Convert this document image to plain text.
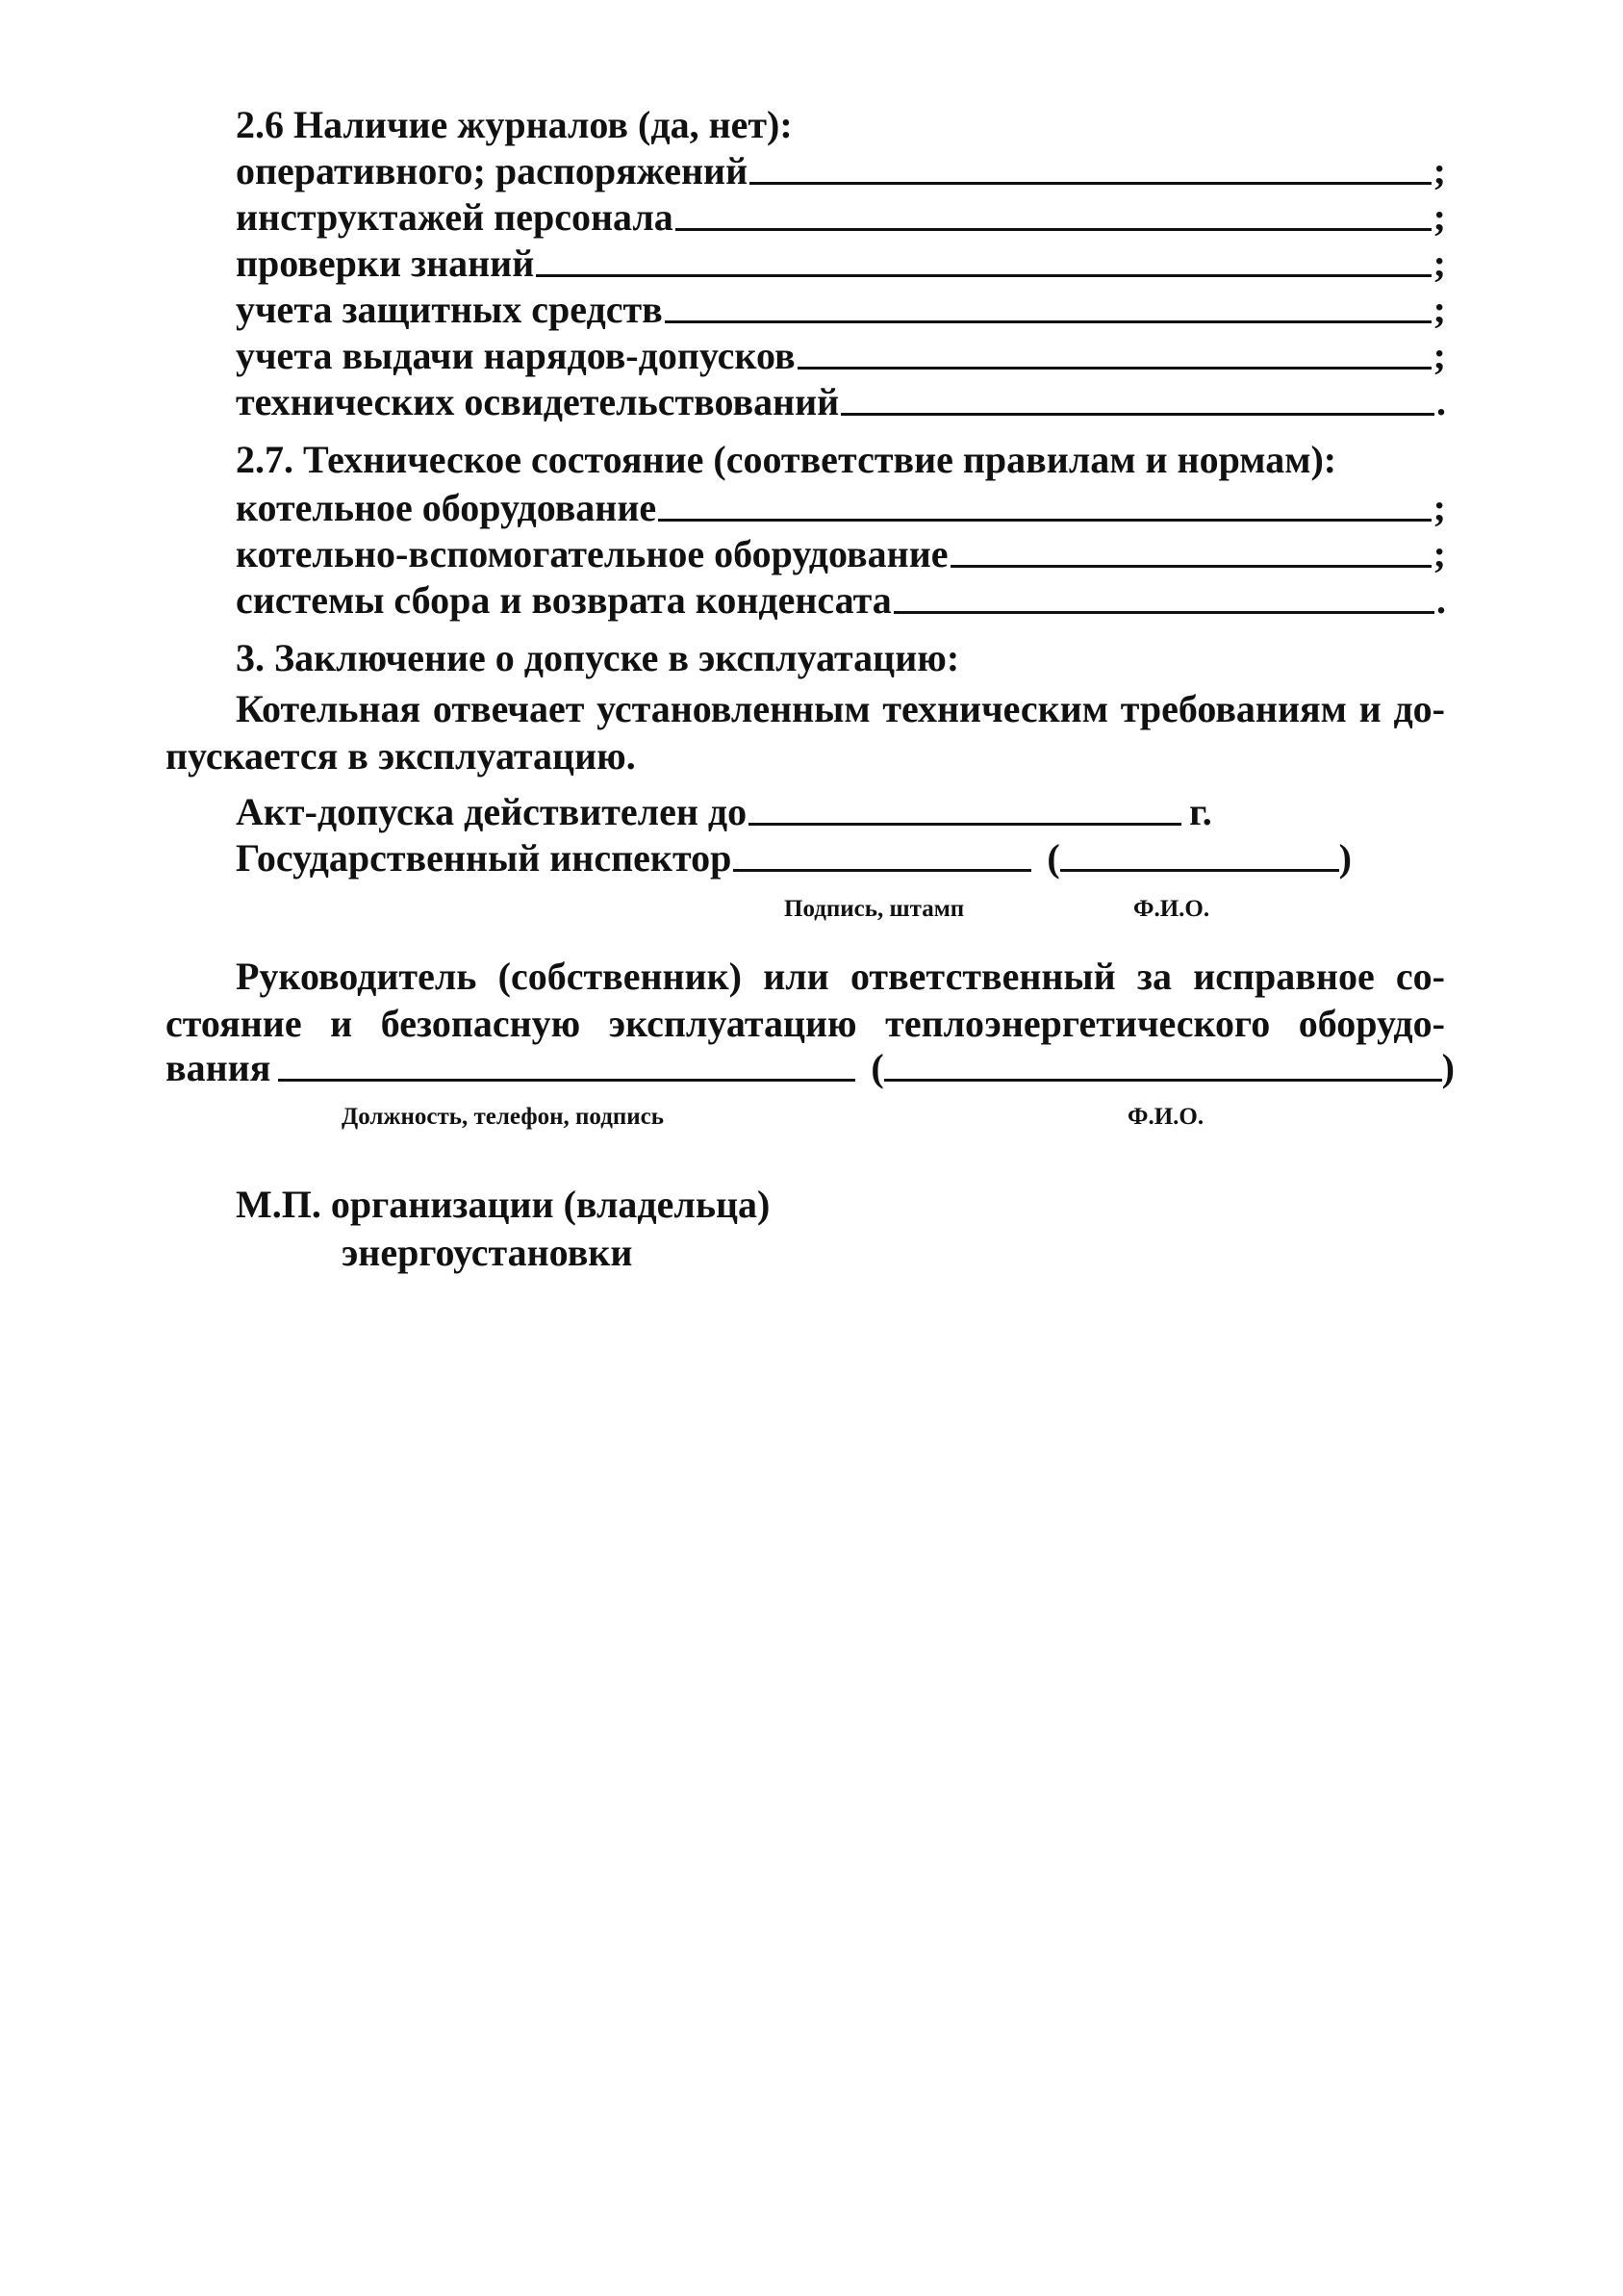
2.6 Наличие журналов (да, нет):
оперативного; распоряжений	;
инструктажей персонала	;
проверки знаний	;
учета защитных средств	;
учета выдачи нарядов-допусков	;
технических освидетельствований	.
2.7. Техническое состояние (соответствие правилам и нормам):
котельное оборудование	;
котельно-вспомогательное оборудование	;
системы сбора и возврата конденсата	.
3. Заключение о допуске в эксплуатацию:
Котельная отвечает установленным техническим требованиям и до-
пускается в эксплуатацию.
Акт-допуска действителен до	г.
Государственный инспектор	(	)
Подпись, штамп	Ф.И.О.
Руководитель (собственник) или ответственный за исправное со-
стояние и безопасную эксплуатацию теплоэнергетического оборудо-
вания	(	)
Должность, телефон, подпись	Ф.И.О.
М.П. организации (владельца)
энергоустановки
